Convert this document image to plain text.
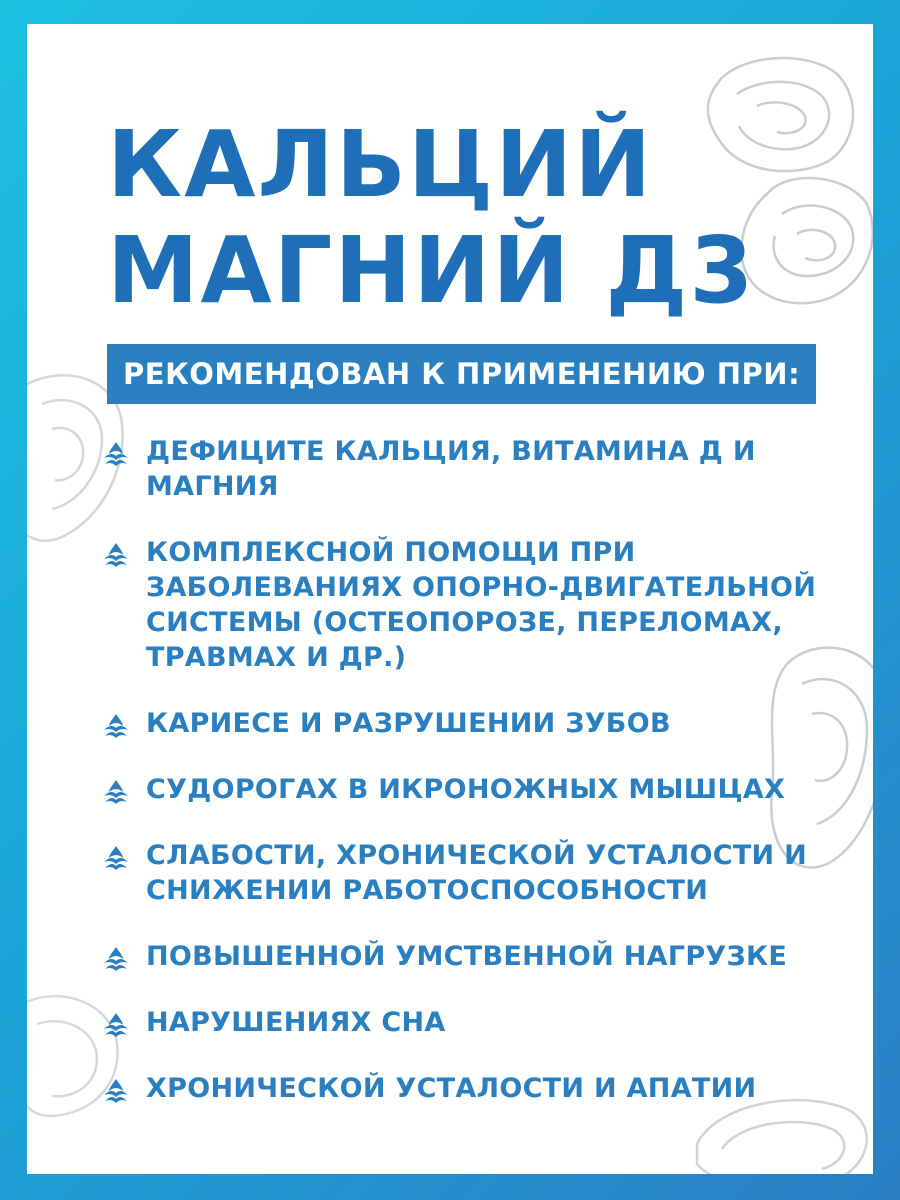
КАЛЬЦИЙ
МАГНИЙ Д3
РЕКОМЕНДОВАН К ПРИМЕНЕНИЮ ПРИ:
ДЕФИЦИТЕ КАЛЬЦИЯ, ВИТАМИНА Д И МАГНИЯ
КОМПЛЕКСНОЙ ПОМОЩИ ПРИ ЗАБОЛЕВАНИЯХ ОПОРНО-ДВИГАТЕЛЬНОЙ СИСТЕМЫ (ОСТЕОПОРОЗЕ, ПЕРЕЛОМАХ, ТРАВМАХ И ДР.)
КАРИЕСЕ И РАЗРУШЕНИИ ЗУБОВ
СУДОРОГАХ В ИКРОНОЖНЫХ МЫШЦАХ
СЛАБОСТИ, ХРОНИЧЕСКОЙ УСТАЛОСТИ И СНИЖЕНИИ РАБОТОСПОСОБНОСТИ
ПОВЫШЕННОЙ УМСТВЕННОЙ НАГРУЗКЕ
НАРУШЕНИЯХ СНА
ХРОНИЧЕСКОЙ УСТАЛОСТИ И АПАТИИ
